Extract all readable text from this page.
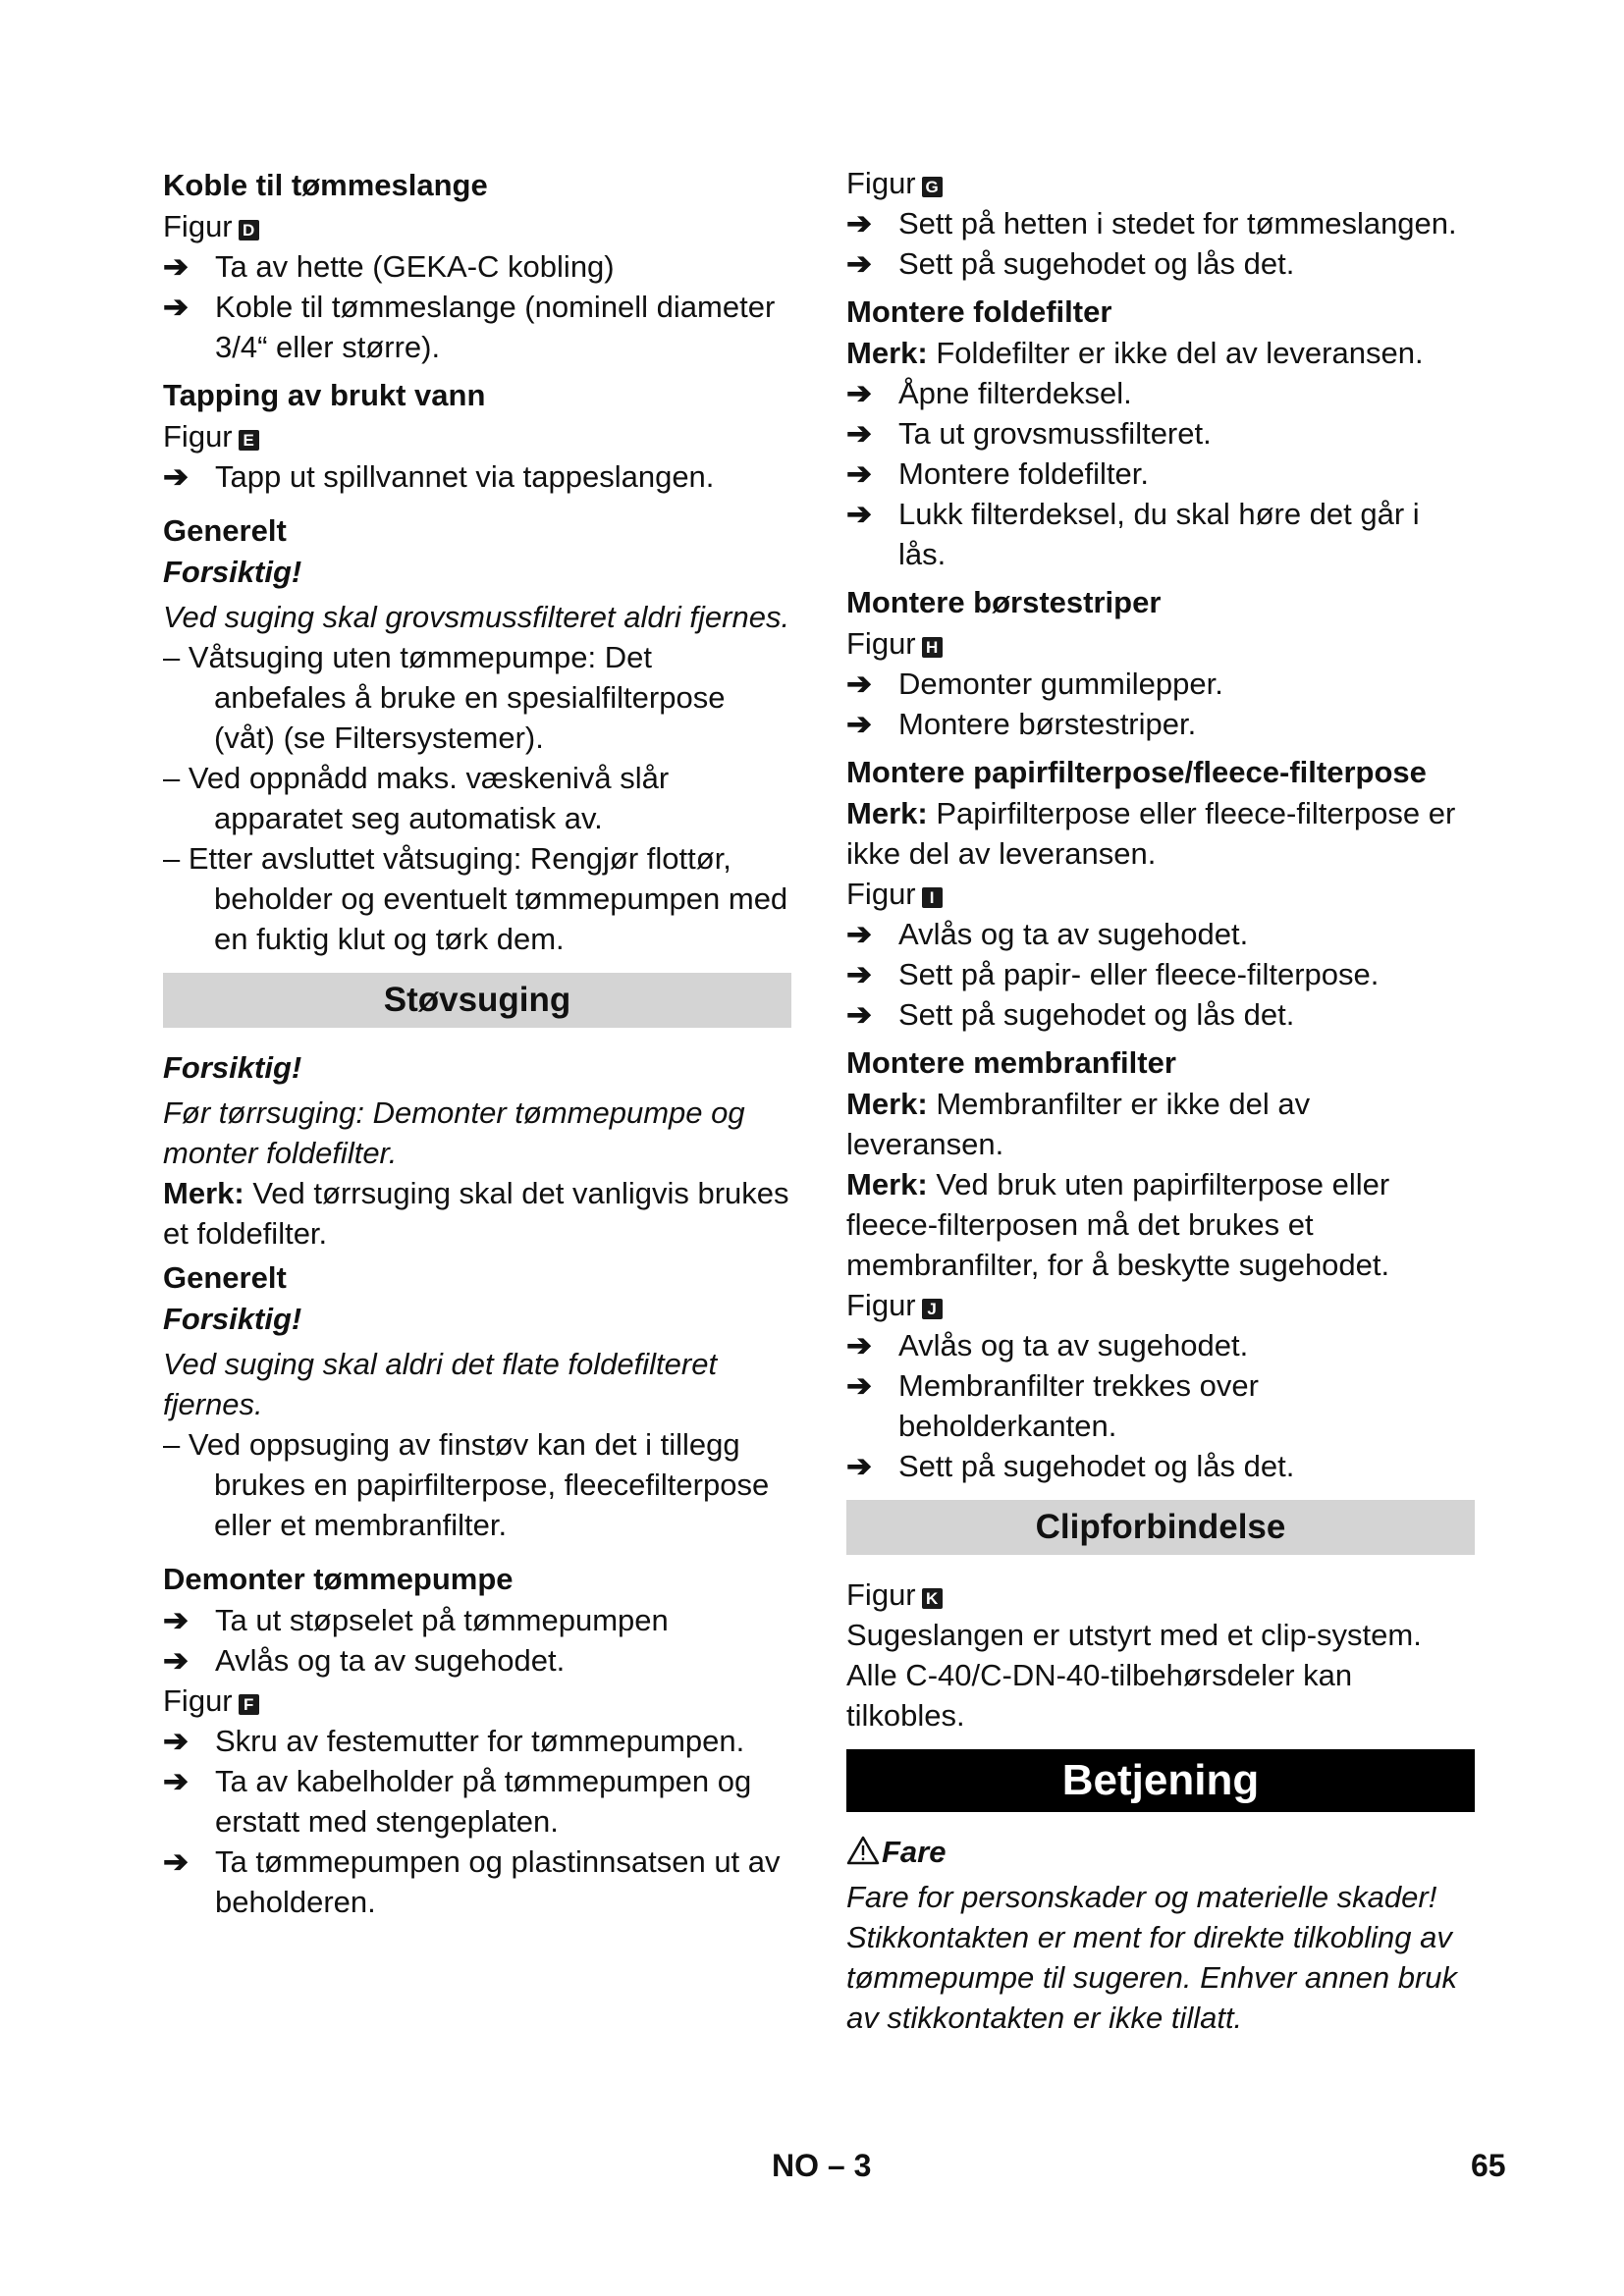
Koble til tømmeslange
Figur D
➔ Ta av hette (GEKA-C kobling)
➔ Koble til tømmeslange (nominell diameter 3/4“ eller større).
Tapping av brukt vann
Figur E
➔ Tapp ut spillvannet via tappeslangen.
Generelt
Forsiktig!
Ved suging skal grovsmussfilteret aldri fjernes.
– Våtsuging uten tømmepumpe: Det anbefales å bruke en spesialfilterpose (våt) (se Filtersystemer).
– Ved oppnådd maks. væskenivå slår apparatet seg automatisk av.
– Etter avsluttet våtsuging: Rengjør flottør, beholder og eventuelt tømmepumpen med en fuktig klut og tørk dem.
Støvsuging
Forsiktig!
Før tørrsuging: Demonter tømmepumpe og monter foldefilter.
Merk: Ved tørrsuging skal det vanligvis brukes et foldefilter.
Generelt
Forsiktig!
Ved suging skal aldri det flate foldefilteret fjernes.
– Ved oppsuging av finstøv kan det i tillegg brukes en papirfilterpose, fleecefilterpose eller et membranfilter.
Demonter tømmepumpe
➔ Ta ut støpselet på tømmepumpen
➔ Avlås og ta av sugehodet.
Figur F
➔ Skru av festemutter for tømmepumpen.
➔ Ta av kabelholder på tømmepumpen og erstatt med stengeplaten.
➔ Ta tømmepumpen og plastinnsatsen ut av beholderen.
Figur G
➔ Sett på hetten i stedet for tømmeslangen.
➔ Sett på sugehodet og lås det.
Montere foldefilter
Merk: Foldefilter er ikke del av leveransen.
➔ Åpne filterdeksel.
➔ Ta ut grovsmussfilteret.
➔ Montere foldefilter.
➔ Lukk filterdeksel, du skal høre det går i lås.
Montere børstestriper
Figur H
➔ Demonter gummilepper.
➔ Montere børstestriper.
Montere papirfilterpose/fleece-filterpose
Merk: Papirfilterpose eller fleece-filterpose er ikke del av leveransen.
Figur I
➔ Avlås og ta av sugehodet.
➔ Sett på papir- eller fleece-filterpose.
➔ Sett på sugehodet og lås det.
Montere membranfilter
Merk: Membranfilter er ikke del av leveransen.
Merk: Ved bruk uten papirfilterpose eller fleece-filterposen må det brukes et membranfilter, for å beskytte sugehodet.
Figur J
➔ Avlås og ta av sugehodet.
➔ Membranfilter trekkes over beholderkanten.
➔ Sett på sugehodet og lås det.
Clipforbindelse
Figur K
Sugeslangen er utstyrt med et clip-system. Alle C-40/C-DN-40-tilbehørsdeler kan tilkobles.
Betjening
Fare
Fare for personskader og materielle skader! Stikkontakten er ment for direkte tilkobling av tømmepumpe til sugeren. Enhver annen bruk av stikkontakten er ikke tillatt.
NO – 3	65
